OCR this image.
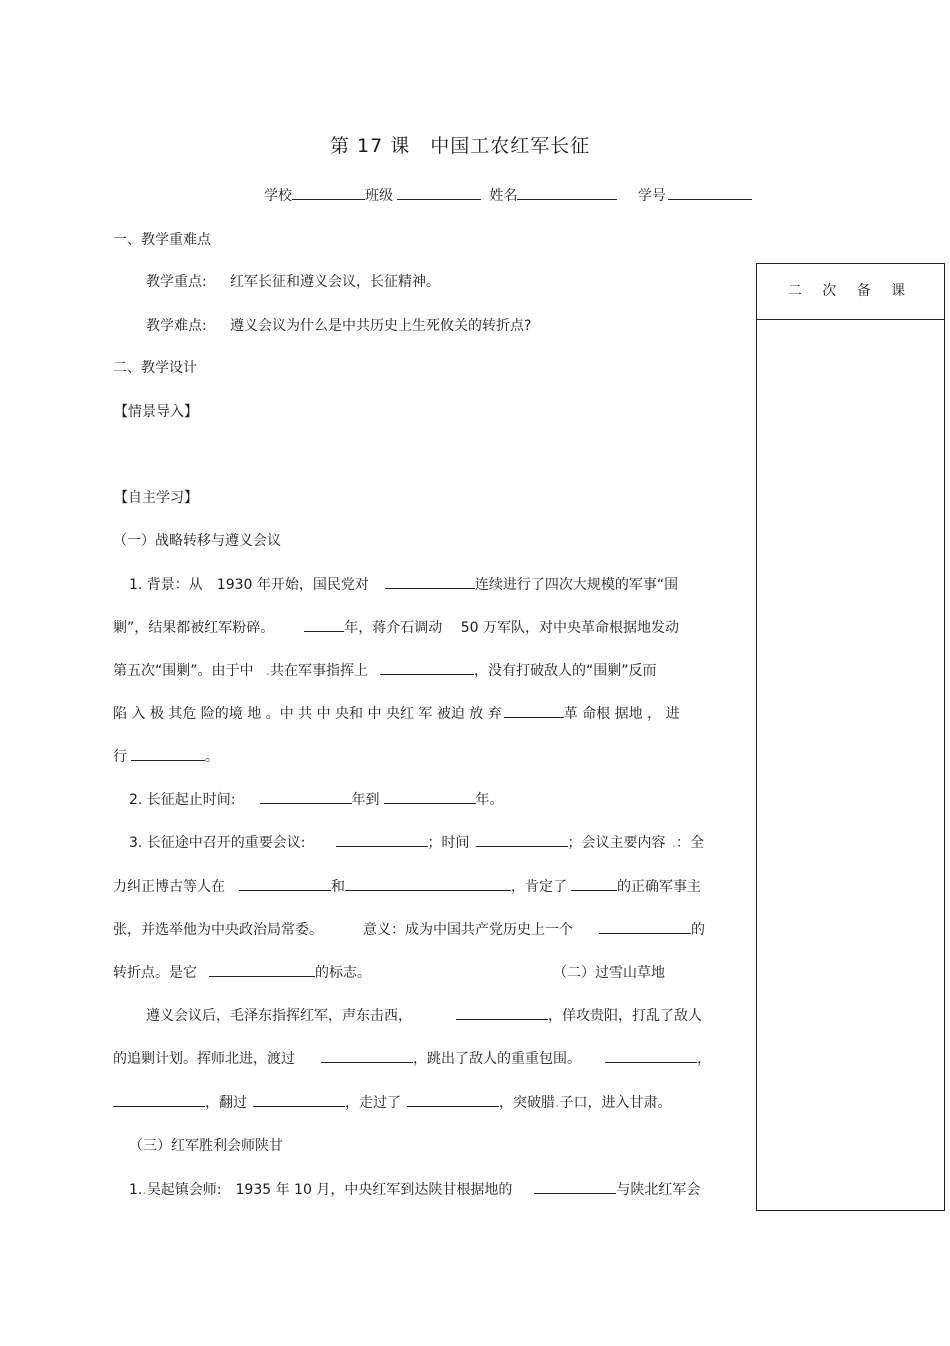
第 17 课　中国工农红军长征
学校	班级	姓名	学号
一、教学重难点
教学重点: 红军长征和遵义会议，长征精神。
教学难点: 遵义会议为什么是中共历史上生死攸关的转折点?
二、教学设计
【情景导入】
【自主学习】
（一）战略转移与遵义会议
1. 背景：从　1930 年开始，国民党对	连续进行了四次大规模的军事“围
剿”，结果都被红军粉碎。	年，蒋介石调动　 50 万军队，对中央革命根据地发动
第五次“围剿”。由于中 .共在军事指挥上	，没有打破敌人的“围剿”反而
陷 入 极 其危 险的境 地 。中 共 中 央和 中 央红 军 被迫 放 弃	革 命根 据地 ， 进
行	。
2. 长征起止时间:	年到	年。
3. 长征途中召开的重要会议:	；时间	；会议主要内容 .：全
力纠正博古等人在	和	，肯定了	的正确军事主
张，并选举他为中央政治局常委。	意义：成为中国共产党历史上一个	的
转折点。是它	的标志。	（二）过雪山草地
遵义会议后，毛泽东指挥红军，声东击西，	，佯攻贵阳，打乱了敌人
的追剿计划。挥师北进，渡过	，跳出了敌人的重重包围。	，
，翻过	，走过了	，突破腊.子口，进入甘肃。
（三）红军胜利会师陕甘
1..吴起镇会师:　1935 年 10 月，中央红军到达陕甘根据地的	与陕北红军会
二 次 备 课
